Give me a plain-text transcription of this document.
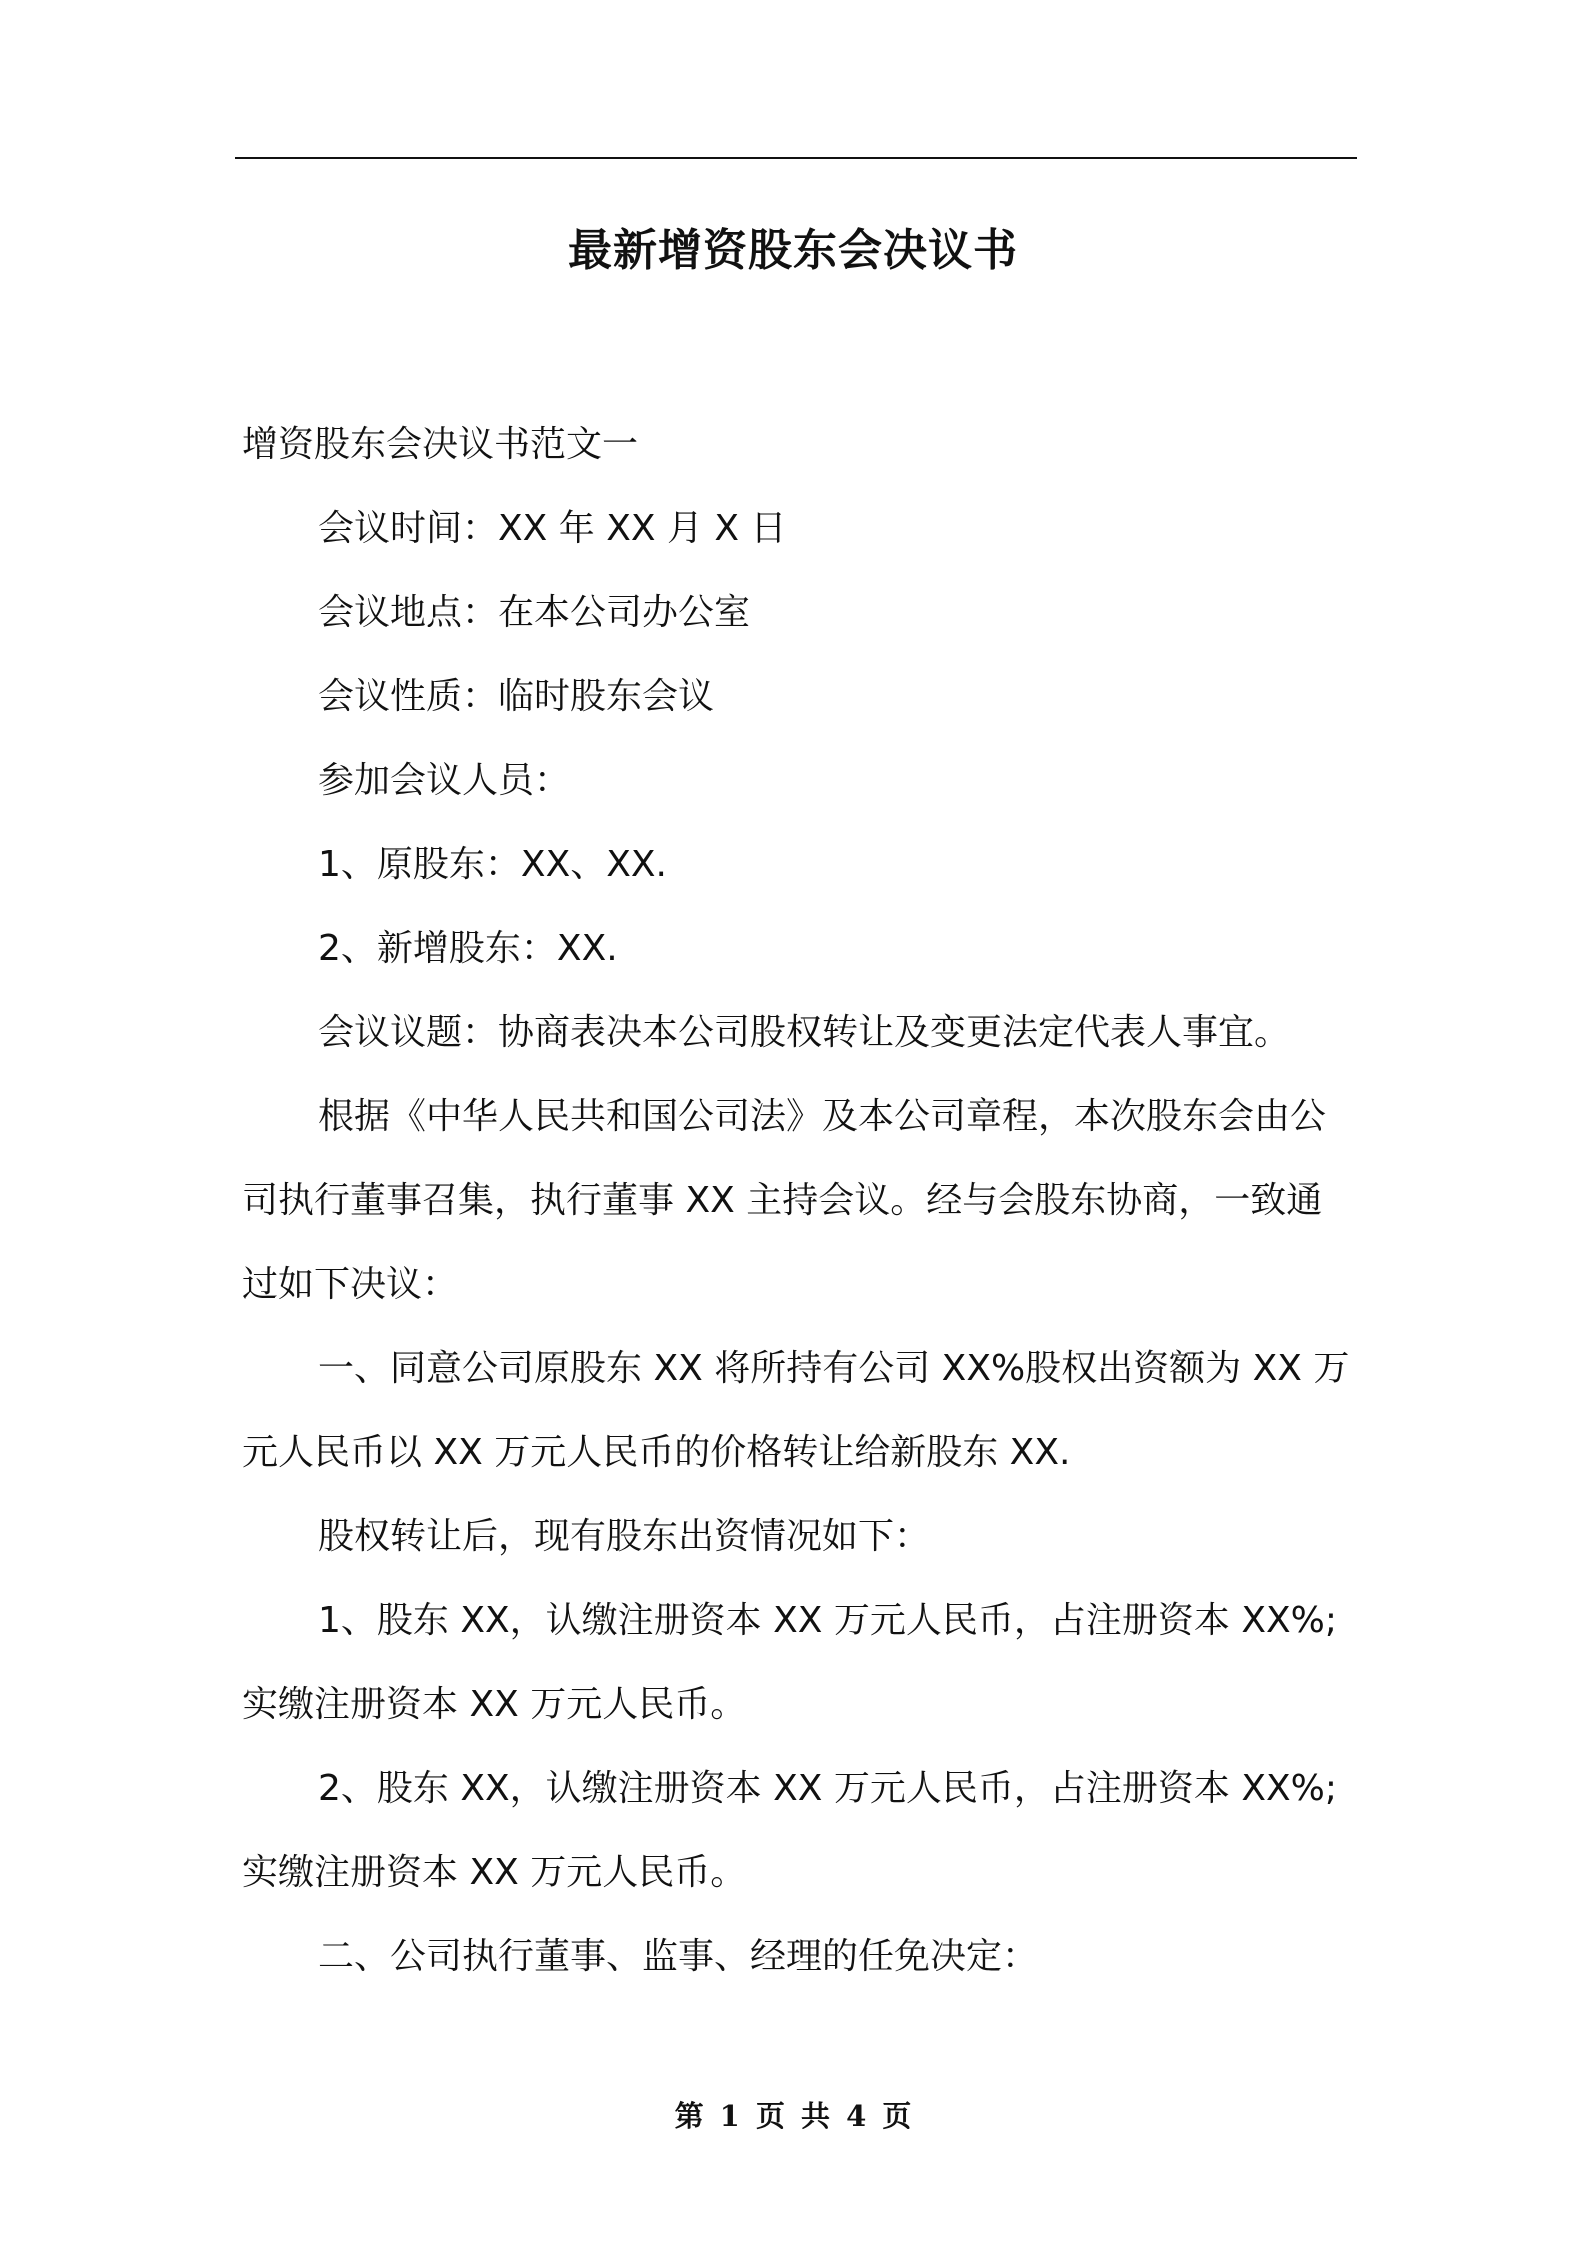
最新增资股东会决议书

增资股东会决议书范文一

会议时间：XX 年 XX 月 X 日

会议地点：在本公司办公室

会议性质：临时股东会议

参加会议人员：

1、原股东：XX、XX.

2、新增股东：XX.

会议议题：协商表决本公司股权转让及变更法定代表人事宜。

根据《中华人民共和国公司法》及本公司章程，本次股东会由公司执行董事召集，执行董事 XX 主持会议。经与会股东协商，一致通过如下决议：

一、同意公司原股东 XX 将所持有公司 XX%股权出资额为 XX 万元人民币以 XX 万元人民币的价格转让给新股东 XX.

股权转让后，现有股东出资情况如下：

1、股东 XX，认缴注册资本 XX 万元人民币，占注册资本 XX%;实缴注册资本 XX 万元人民币。

2、股东 XX，认缴注册资本 XX 万元人民币，占注册资本 XX%;实缴注册资本 XX 万元人民币。

二、公司执行董事、监事、经理的任免决定：

第 1 页 共 4 页
